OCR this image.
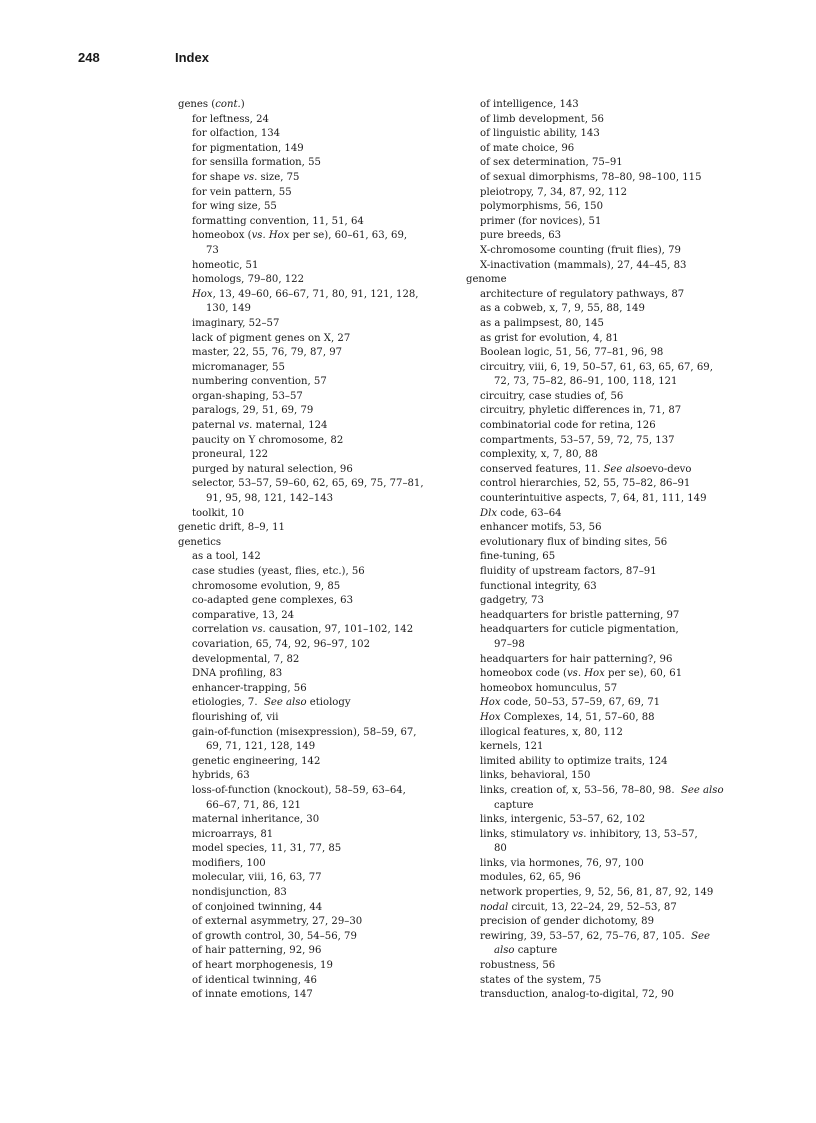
248	Index
genes (cont.)
for leftness, 24
for olfaction, 134
for pigmentation, 149
for sensilla formation, 55
for shape vs. size, 75
for vein pattern, 55
for wing size, 55
formatting convention, 11, 51, 64
homeobox (vs. Hox per se), 60–61, 63, 69,
73
homeotic, 51
homologs, 79–80, 122
Hox, 13, 49–60, 66–67, 71, 80, 91, 121, 128,
130, 149
imaginary, 52–57
lack of pigment genes on X, 27
master, 22, 55, 76, 79, 87, 97
micromanager, 55
numbering convention, 57
organ-shaping, 53–57
paralogs, 29, 51, 69, 79
paternal vs. maternal, 124
paucity on Y chromosome, 82
proneural, 122
purged by natural selection, 96
selector, 53–57, 59–60, 62, 65, 69, 75, 77–81,
91, 95, 98, 121, 142–143
toolkit, 10
genetic drift, 8–9, 11
genetics
as a tool, 142
case studies (yeast, flies, etc.), 56
chromosome evolution, 9, 85
co-adapted gene complexes, 63
comparative, 13, 24
correlation vs. causation, 97, 101–102, 142
covariation, 65, 74, 92, 96–97, 102
developmental, 7, 82
DNA profiling, 83
enhancer-trapping, 56
etiologies, 7.  See also etiology
flourishing of, vii
gain-of-function (misexpression), 58–59, 67,
69, 71, 121, 128, 149
genetic engineering, 142
hybrids, 63
loss-of-function (knockout), 58–59, 63–64,
66–67, 71, 86, 121
maternal inheritance, 30
microarrays, 81
model species, 11, 31, 77, 85
modifiers, 100
molecular, viii, 16, 63, 77
nondisjunction, 83
of conjoined twinning, 44
of external asymmetry, 27, 29–30
of growth control, 30, 54–56, 79
of hair patterning, 92, 96
of heart morphogenesis, 19
of identical twinning, 46
of innate emotions, 147
of intelligence, 143
of limb development, 56
of linguistic ability, 143
of mate choice, 96
of sex determination, 75–91
of sexual dimorphisms, 78–80, 98–100, 115
pleiotropy, 7, 34, 87, 92, 112
polymorphisms, 56, 150
primer (for novices), 51
pure breeds, 63
X-chromosome counting (fruit flies), 79
X-inactivation (mammals), 27, 44–45, 83
genome
architecture of regulatory pathways, 87
as a cobweb, x, 7, 9, 55, 88, 149
as a palimpsest, 80, 145
as grist for evolution, 4, 81
Boolean logic, 51, 56, 77–81, 96, 98
circuitry, viii, 6, 19, 50–57, 61, 63, 65, 67, 69,
72, 73, 75–82, 86–91, 100, 118, 121
circuitry, case studies of, 56
circuitry, phyletic differences in, 71, 87
combinatorial code for retina, 126
compartments, 53–57, 59, 72, 75, 137
complexity, x, 7, 80, 88
conserved features, 11. See alsoevo-devo
control hierarchies, 52, 55, 75–82, 86–91
counterintuitive aspects, 7, 64, 81, 111, 149
Dlx code, 63–64
enhancer motifs, 53, 56
evolutionary flux of binding sites, 56
fine-tuning, 65
fluidity of upstream factors, 87–91
functional integrity, 63
gadgetry, 73
headquarters for bristle patterning, 97
headquarters for cuticle pigmentation,
97–98
headquarters for hair patterning?, 96
homeobox code (vs. Hox per se), 60, 61
homeobox homunculus, 57
Hox code, 50–53, 57–59, 67, 69, 71
Hox Complexes, 14, 51, 57–60, 88
illogical features, x, 80, 112
kernels, 121
limited ability to optimize traits, 124
links, behavioral, 150
links, creation of, x, 53–56, 78–80, 98.  See also
capture
links, intergenic, 53–57, 62, 102
links, stimulatory vs. inhibitory, 13, 53–57,
80
links, via hormones, 76, 97, 100
modules, 62, 65, 96
network properties, 9, 52, 56, 81, 87, 92, 149
nodal circuit, 13, 22–24, 29, 52–53, 87
precision of gender dichotomy, 89
rewiring, 39, 53–57, 62, 75–76, 87, 105.  See
also capture
robustness, 56
states of the system, 75
transduction, analog-to-digital, 72, 90
